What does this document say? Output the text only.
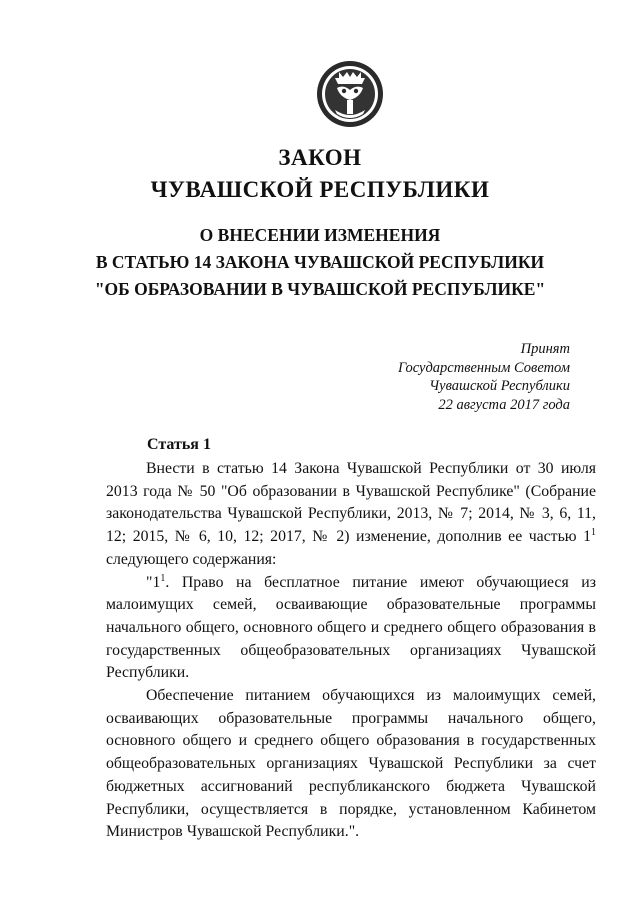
ЗАКОН
ЧУВАШСКОЙ РЕСПУБЛИКИ
О ВНЕСЕНИИ ИЗМЕНЕНИЯ
В СТАТЬЮ 14 ЗАКОНА ЧУВАШСКОЙ РЕСПУБЛИКИ
"ОБ ОБРАЗОВАНИИ В ЧУВАШСКОЙ РЕСПУБЛИКЕ"
Принят
Государственным Советом
Чувашской Республики
22 августа 2017 года
Статья 1

Внести в статью 14 Закона Чувашской Республики от 30 июля 2013 года № 50 "Об образовании в Чувашской Республике" (Собрание законодательства Чувашской Республики, 2013, № 7; 2014, № 3, 6, 11, 12; 2015, № 6, 10, 12; 2017, № 2) изменение, дополнив ее частью $1^1$ следующего содержания:

"$1^1$. Право на бесплатное питание имеют обучающиеся из малоимущих семей, осваивающие образовательные программы начального общего, основного общего и среднего общего образования в государственных общеобразовательных организациях Чувашской Республики.

Обеспечение питанием обучающихся из малоимущих семей, осваивающих образовательные программы начального общего, основного общего и среднего общего образования в государственных общеобразовательных организациях Чувашской Республики за счет бюджетных ассигнований республиканского бюджета Чувашской Республики, осуществляется в порядке, установленном Кабинетом Министров Чувашской Республики.".
